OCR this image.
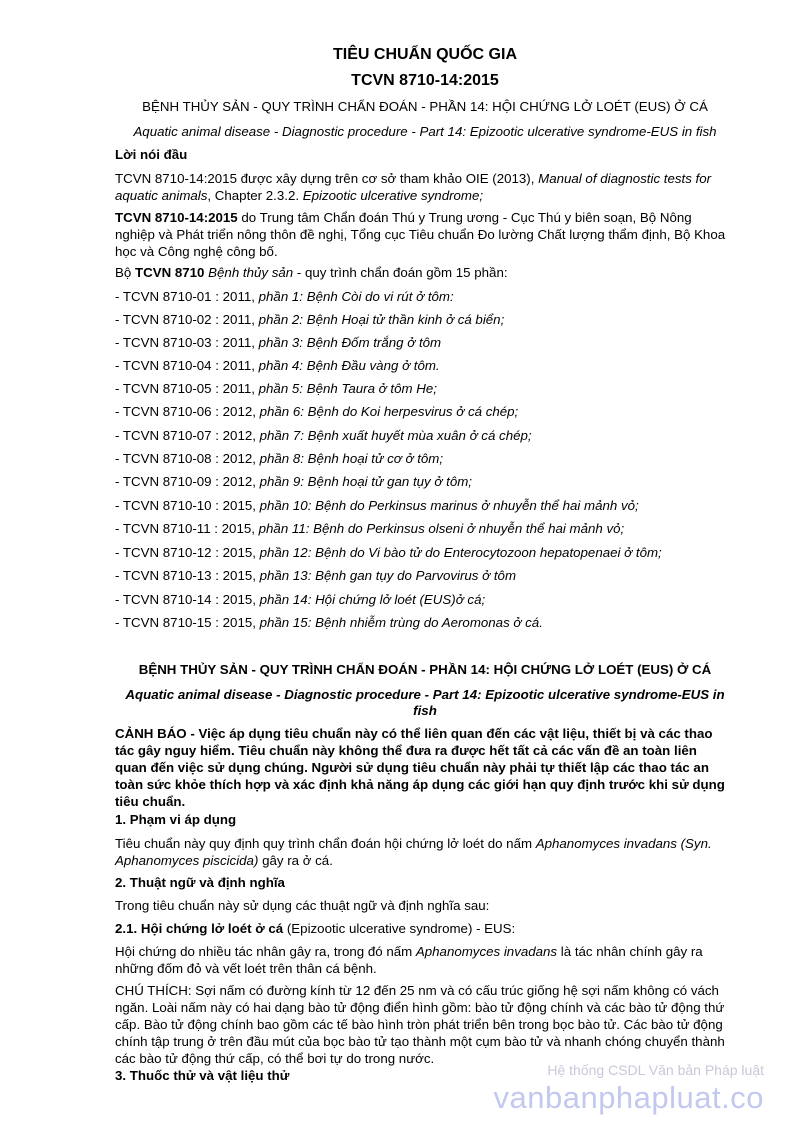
TIÊU CHUẨN QUỐC GIA
TCVN 8710-14:2015
BỆNH THỦY SẢN - QUY TRÌNH CHẨN ĐOÁN - PHẦN 14: HỘI CHỨNG LỞ LOÉT (EUS) Ở CÁ
Aquatic animal disease - Diagnostic procedure - Part 14: Epizootic ulcerative syndrome-EUS in fish

Lời nói đầu

TCVN 8710-14:2015 được xây dựng trên cơ sở tham khảo OIE (2013), Manual of diagnostic tests for aquatic animals, Chapter 2.3.2. Epizootic ulcerative syndrome;

TCVN 8710-14:2015 do Trung tâm Chẩn đoán Thú y Trung ương - Cục Thú y biên soạn, Bộ Nông nghiệp và Phát triển nông thôn đề nghị, Tổng cục Tiêu chuẩn Đo lường Chất lượng thẩm định, Bộ Khoa học và Công nghệ công bố.

Bộ TCVN 8710 Bệnh thủy sản - quy trình chẩn đoán gồm 15 phần:

- TCVN 8710-01 : 2011, phần 1: Bệnh Còi do vi rút ở tôm:
- TCVN 8710-02 : 2011, phần 2: Bệnh Hoại tử thần kinh ở cá biển;
- TCVN 8710-03 : 2011, phần 3: Bệnh Đốm trắng ở tôm
- TCVN 8710-04 : 2011, phần 4: Bệnh Đầu vàng ở tôm.
- TCVN 8710-05 : 2011, phần 5: Bệnh Taura ở tôm He;
- TCVN 8710-06 : 2012, phần 6: Bệnh do Koi herpesvirus ở cá chép;
- TCVN 8710-07 : 2012, phần 7: Bệnh xuất huyết mùa xuân ở cá chép;
- TCVN 8710-08 : 2012, phần 8: Bệnh hoại tử cơ ở tôm;
- TCVN 8710-09 : 2012, phần 9: Bệnh hoại tử gan tụy ở tôm;
- TCVN 8710-10 : 2015, phần 10: Bệnh do Perkinsus marinus ở nhuyễn thể hai mảnh vỏ;
- TCVN 8710-11 : 2015, phần 11: Bệnh do Perkinsus olseni ở nhuyễn thể hai mảnh vỏ;
- TCVN 8710-12 : 2015, phần 12: Bệnh do Vi bào tử do Enterocytozoon hepatopenaei ở tôm;
- TCVN 8710-13 : 2015, phần 13: Bệnh gan tụy do Parvovirus ở tôm
- TCVN 8710-14 : 2015, phần 14: Hội chứng lở loét (EUS)ở cá;
- TCVN 8710-15 : 2015, phần 15: Bệnh nhiễm trùng do Aeromonas ở cá.
BỆNH THỦY SẢN - QUY TRÌNH CHẨN ĐOÁN - PHẦN 14: HỘI CHỨNG LỞ LOÉT (EUS) Ở CÁ
Aquatic animal disease - Diagnostic procedure - Part 14: Epizootic ulcerative syndrome-EUS in
fish

CẢNH BÁO - Việc áp dụng tiêu chuẩn này có thể liên quan đến các vật liệu, thiết bị và các thao tác gây nguy hiểm. Tiêu chuẩn này không thể đưa ra được hết tất cả các vấn đề an toàn liên quan đến việc sử dụng chúng. Người sử dụng tiêu chuẩn này phải tự thiết lập các thao tác an toàn sức khỏe thích hợp và xác định khả năng áp dụng các giới hạn quy định trước khi sử dụng tiêu chuẩn.

1. Phạm vi áp dụng

Tiêu chuẩn này quy định quy trình chẩn đoán hội chứng lở loét do nấm Aphanomyces invadans (Syn. Aphanomyces piscicida) gây ra ở cá.

2. Thuật ngữ và định nghĩa

Trong tiêu chuẩn này sử dụng các thuật ngữ và định nghĩa sau:

2.1. Hội chứng lở loét ở cá (Epizootic ulcerative syndrome) - EUS:

Hội chứng do nhiều tác nhân gây ra, trong đó nấm Aphanomyces invadans là tác nhân chính gây ra những đốm đỏ và vết loét trên thân cá bệnh.

CHÚ THÍCH: Sợi nấm có đường kính từ 12 đến 25 nm và có cấu trúc giống hệ sợi nấm không có vách ngăn. Loài nấm này có hai dạng bào tử động điển hình gồm: bào tử động chính và các bào tử động thứ cấp. Bào tử động chính bao gồm các tế bào hình tròn phát triển bên trong bọc bào tử. Các bào tử động chính tập trung ở trên đầu mút của bọc bào tử tạo thành một cụm bào tử và nhanh chóng chuyển thành các bào tử động thứ cấp, có thể bơi tự do trong nước.

3. Thuốc thử và vật liệu thử	Hệ thống CSDL Văn bản Pháp luật
vanbanphapluat.co
